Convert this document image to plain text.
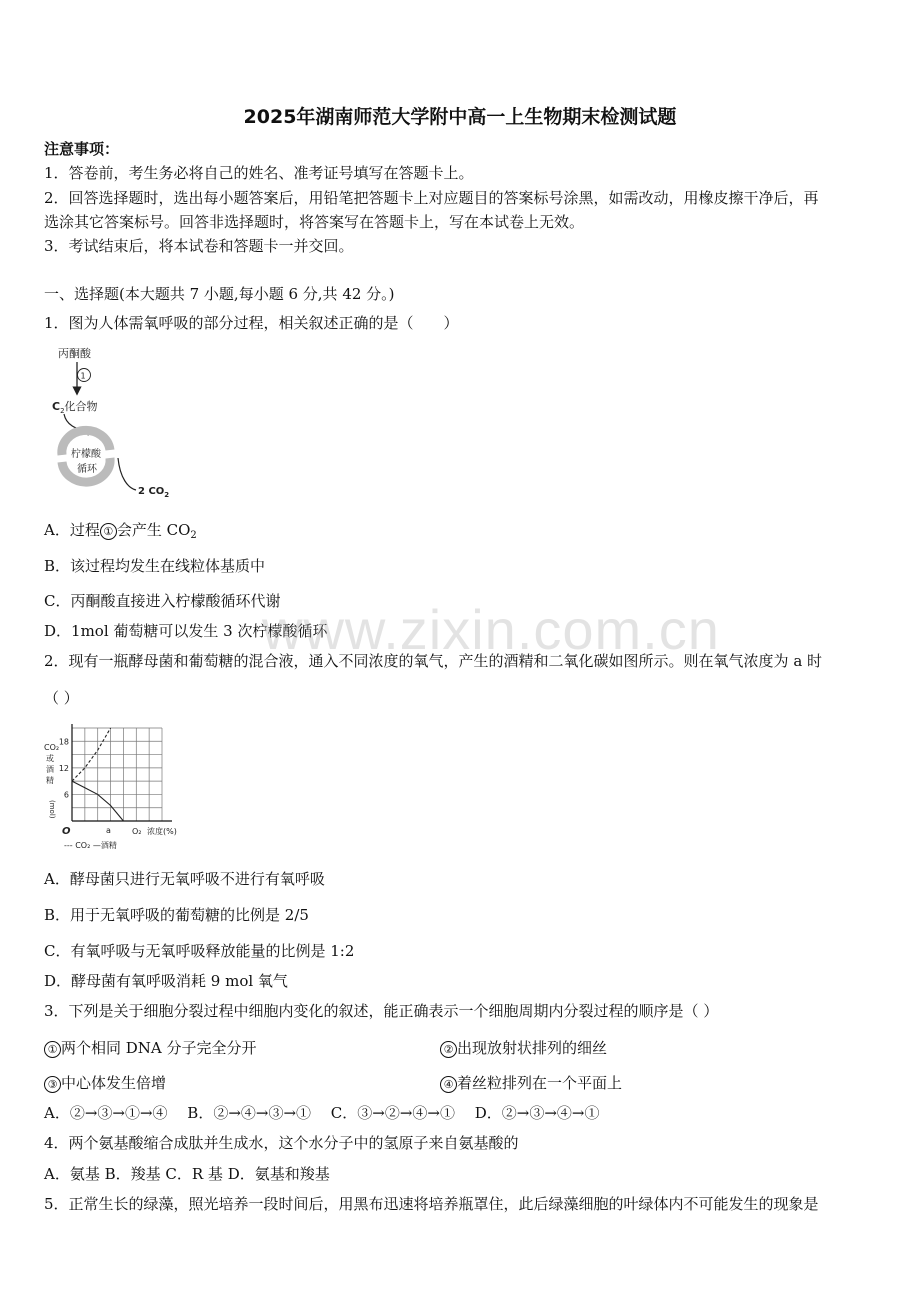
2025年湖南师范大学附中高一上生物期末检测试题
注意事项：
1．答卷前，考生务必将自己的姓名、准考证号填写在答题卡上。
2．回答选择题时，选出每小题答案后，用铅笔把答题卡上对应题目的答案标号涂黑，如需改动，用橡皮擦干净后，再
选涂其它答案标号。回答非选择题时，将答案写在答题卡上，写在本试卷上无效。
3．考试结束后，将本试卷和答题卡一并交回。
一、选择题(本大题共 7 小题,每小题 6 分,共 42 分。)
1．图为人体需氧呼吸的部分过程，相关叙述正确的是（　　）
丙酮酸
1
$C_2$化合物
柠檬酸
循环
2 $CO_2$
A．过程 ① 会产生 $CO_2$
B．该过程均发生在线粒体基质中
C．丙酮酸直接进入柠檬酸循环代谢
D．1mol 葡萄糖可以发生 3 次柠檬酸循环
www.zixin.com.cn
2．现有一瓶酵母菌和葡萄糖的混合液，通入不同浓度的氧气，产生的酒精和二氧化碳如图所示。则在氧气浓度为 a 时
（ ）
CO₂
或
酒
精
(mol)
6
12
18
O	a	O₂ 浓度(%)
--- CO₂ —酒精
A．酵母菌只进行无氧呼吸不进行有氧呼吸
B．用于无氧呼吸的葡萄糖的比例是 2/5
C．有氧呼吸与无氧呼吸释放能量的比例是 1:2
D．酵母菌有氧呼吸消耗 9 mol 氧气
3．下列是关于细胞分裂过程中细胞内变化的叙述，能正确表示一个细胞周期内分裂过程的顺序是（ ）
① 两个相同 DNA 分子完全分开	② 出现放射状排列的细丝
③ 中心体发生倍增	④ 着丝粒排列在一个平面上
A．②→③→①→④　 B．②→④→③→①　 C．③→②→④→①　 D．②→③→④→①
4．两个氨基酸缩合成肽并生成水，这个水分子中的氢原子来自氨基酸的
A．氨基 B．羧基 C．R 基 D．氨基和羧基
5．正常生长的绿藻，照光培养一段时间后，用黑布迅速将培养瓶罩住，此后绿藻细胞的叶绿体内不可能发生的现象是
